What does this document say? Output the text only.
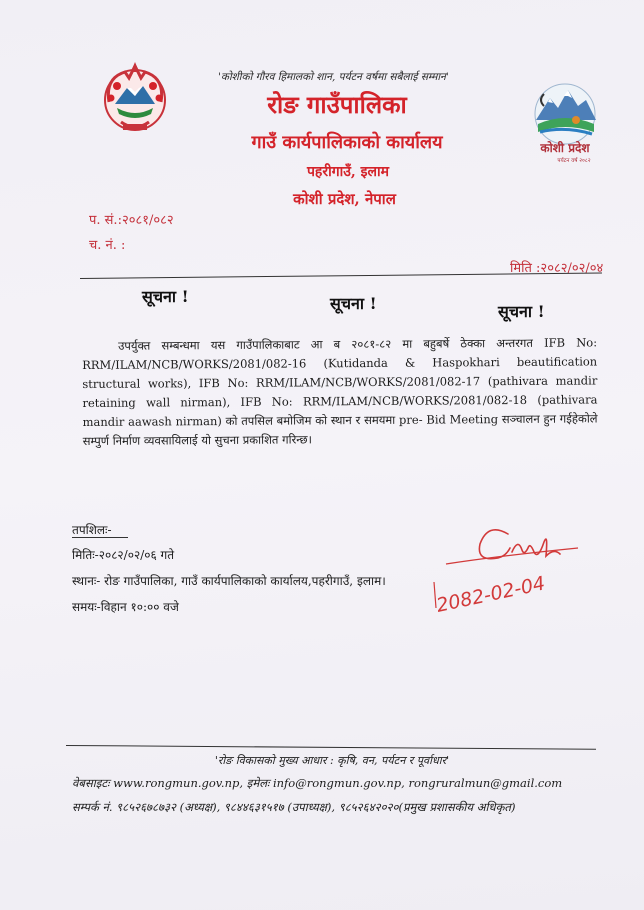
कोशी प्रदेश
पर्यटन वर्ष २०८२
'कोशीको गौरव हिमालको शान, पर्यटन वर्षमा सबैलाई सम्मान'
रोङ गाउँपालिका
गाउँ कार्यपालिकाको कार्यालय
पहरीगाउँ, इलाम
कोशी प्रदेश, नेपाल
प. सं.:२०८१/०८२
च. नं. :
मिति :२०८२/०२/०४
सूचना !	सूचना !	सूचना !
उपर्युक्त सम्बन्धमा यस गाउँपालिकाबाट आ ब २०८१-८२ मा बहुबर्षे ठेक्का अन्तरगत IFB No: RRM/ILAM/NCB/WORKS/2081/082-16 (Kutidanda & Haspokhari beautification structural works), IFB No: RRM/ILAM/NCB/WORKS/2081/082-17 (pathivara mandir retaining wall nirman), IFB No: RRM/ILAM/NCB/WORKS/2081/082-18 (pathivara mandir aawash nirman) को तपसिल बमोजिम को स्थान र समयमा pre- Bid Meeting सञ्चालन हुन गईहेकोले सम्पुर्ण निर्माण व्यवसायिलाई यो सुचना प्रकाशित गरिन्छ।
तपशिलः-
मितिः-२०८२/०२/०६ गते
स्थानः- रोङ गाउँपालिका, गाउँ कार्यपालिकाको कार्यालय,पहरीगाउँ, इलाम।
समयः-विहान १०:०० वजे	2082-02-04
'रोङ विकासको मुख्य आधार : कृषि, वन, पर्यटन र पूर्वाधार'
वेबसाइटः www.rongmun.gov.np, इमेलः info@rongmun.gov.np, rongruralmun@gmail.com
सम्पर्क नं. ९८५२६७८७३२ (अध्यक्ष), ९८४४६३१५१७ (उपाध्यक्ष), ९८५२६४२०२०(प्रमुख प्रशासकीय अधिकृत)
